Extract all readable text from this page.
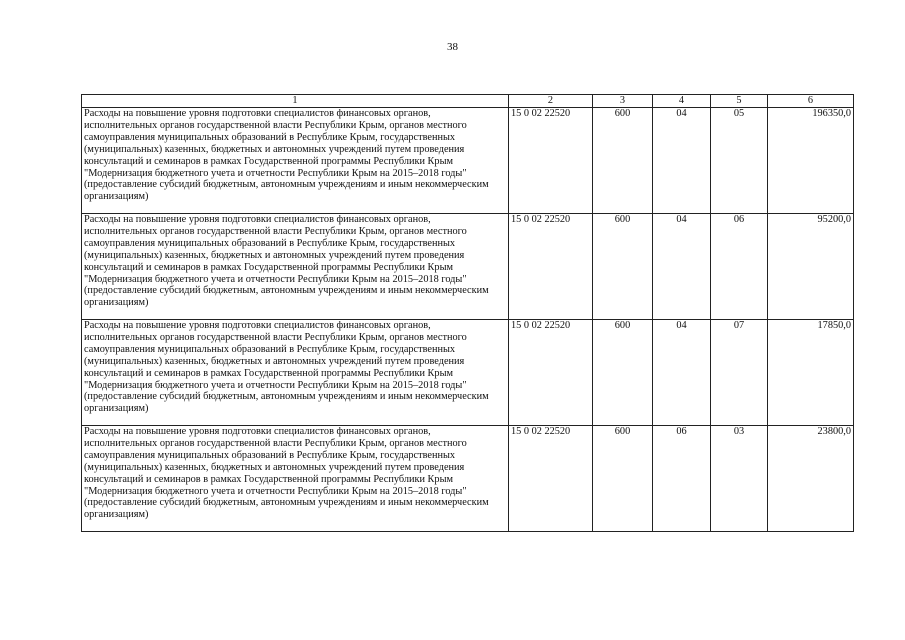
38
1	2	3	4	5	6
Расходы на повышение уровня подготовки специалистов финансовых органов, исполнительных органов государственной власти Республики Крым, органов местного самоуправления муниципальных образований в Республике Крым, государственных (муниципальных) казенных, бюджетных и автономных учреждений путем проведения консультаций и семинаров в рамках Государственной программы Республики Крым "Модернизация бюджетного учета и отчетности Республики Крым на 2015–2018 годы" (предоставление субсидий бюджетным, автономным учреждениям и иным некоммерческим организациям)	15 0 02 22520	600	04	05	196350,0
Расходы на повышение уровня подготовки специалистов финансовых органов, исполнительных органов государственной власти Республики Крым, органов местного самоуправления муниципальных образований в Республике Крым, государственных (муниципальных) казенных, бюджетных и автономных учреждений путем проведения консультаций и семинаров в рамках Государственной программы Республики Крым "Модернизация бюджетного учета и отчетности Республики Крым на 2015–2018 годы" (предоставление субсидий бюджетным, автономным учреждениям и иным некоммерческим организациям)	15 0 02 22520	600	04	06	95200,0
Расходы на повышение уровня подготовки специалистов финансовых органов, исполнительных органов государственной власти Республики Крым, органов местного самоуправления муниципальных образований в Республике Крым, государственных (муниципальных) казенных, бюджетных и автономных учреждений путем проведения консультаций и семинаров в рамках Государственной программы Республики Крым "Модернизация бюджетного учета и отчетности Республики Крым на 2015–2018 годы" (предоставление субсидий бюджетным, автономным учреждениям и иным некоммерческим организациям)	15 0 02 22520	600	04	07	17850,0
Расходы на повышение уровня подготовки специалистов финансовых органов, исполнительных органов государственной власти Республики Крым, органов местного самоуправления муниципальных образований в Республике Крым, государственных (муниципальных) казенных, бюджетных и автономных учреждений путем проведения консультаций и семинаров в рамках Государственной программы Республики Крым "Модернизация бюджетного учета и отчетности Республики Крым на 2015–2018 годы" (предоставление субсидий бюджетным, автономным учреждениям и иным некоммерческим организациям)	15 0 02 22520	600	06	03	23800,0
